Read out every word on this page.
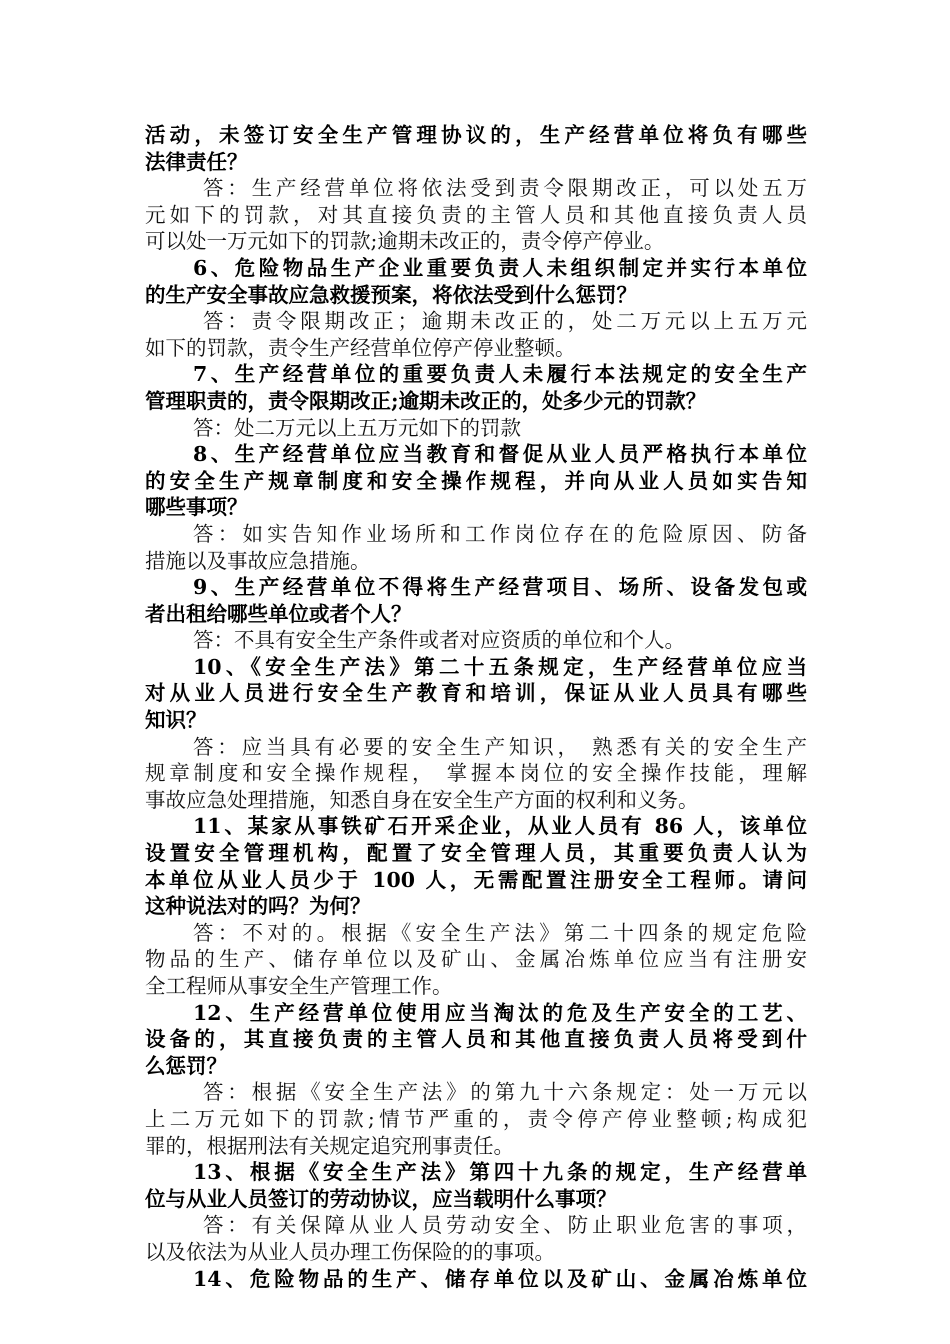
活动，未签订安全生产管理协议的，生产经营单位将负有哪些
法律责任？
答：生产经营单位将依法受到责令限期改正，可以处五万
元如下的罚款，对其直接负责的主管人员和其他直接负责人员
可以处一万元如下的罚款;逾期未改正的，责令停产停业。
6、危险物品生产企业重要负责人未组织制定并实行本单位
的生产安全事故应急救援预案，将依法受到什么惩罚？
答：责令限期改正；逾期未改正的，处二万元以上五万元
如下的罚款，责令生产经营单位停产停业整顿。
7、生产经营单位的重要负责人未履行本法规定的安全生产
管理职责的，责令限期改正;逾期未改正的，处多少元的罚款？
答：处二万元以上五万元如下的罚款
8、生产经营单位应当教育和督促从业人员严格执行本单位
的安全生产规章制度和安全操作规程，并向从业人员如实告知
哪些事项？
答：如实告知作业场所和工作岗位存在的危险原因、防备
措施以及事故应急措施。
9、生产经营单位不得将生产经营项目、场所、设备发包或
者出租给哪些单位或者个人？
答：不具有安全生产条件或者对应资质的单位和个人。
10、《安全生产法》第二十五条规定，生产经营单位应当
对从业人员进行安全生产教育和培训，保证从业人员具有哪些
知识？
答：应当具有必要的安全生产知识， 熟悉有关的安全生产
规章制度和安全操作规程， 掌握本岗位的安全操作技能，理解
事故应急处理措施，知悉自身在安全生产方面的权利和义务。
11、某家从事铁矿石开采企业，从业人员有 86 人，该单位
设置安全管理机构，配置了安全管理人员，其重要负责人认为
本单位从业人员少于 100 人，无需配置注册安全工程师。请问
这种说法对的吗？为何？
答：不对的。根据《安全生产法》第二十四条的规定危险
物品的生产、储存单位以及矿山、金属冶炼单位应当有注册安
全工程师从事安全生产管理工作。
12、生产经营单位使用应当淘汰的危及生产安全的工艺、
设备的，其直接负责的主管人员和其他直接负责人员将受到什
么惩罚？
答：根据《安全生产法》的第九十六条规定：处一万元以
上二万元如下的罚款;情节严重的，责令停产停业整顿;构成犯
罪的，根据刑法有关规定追究刑事责任。
13、根据《安全生产法》第四十九条的规定，生产经营单
位与从业人员签订的劳动协议，应当载明什么事项？
答：有关保障从业人员劳动安全、防止职业危害的事项，
以及依法为从业人员办理工伤保险的的事项。
14、危险物品的生产、储存单位以及矿山、金属冶炼单位
